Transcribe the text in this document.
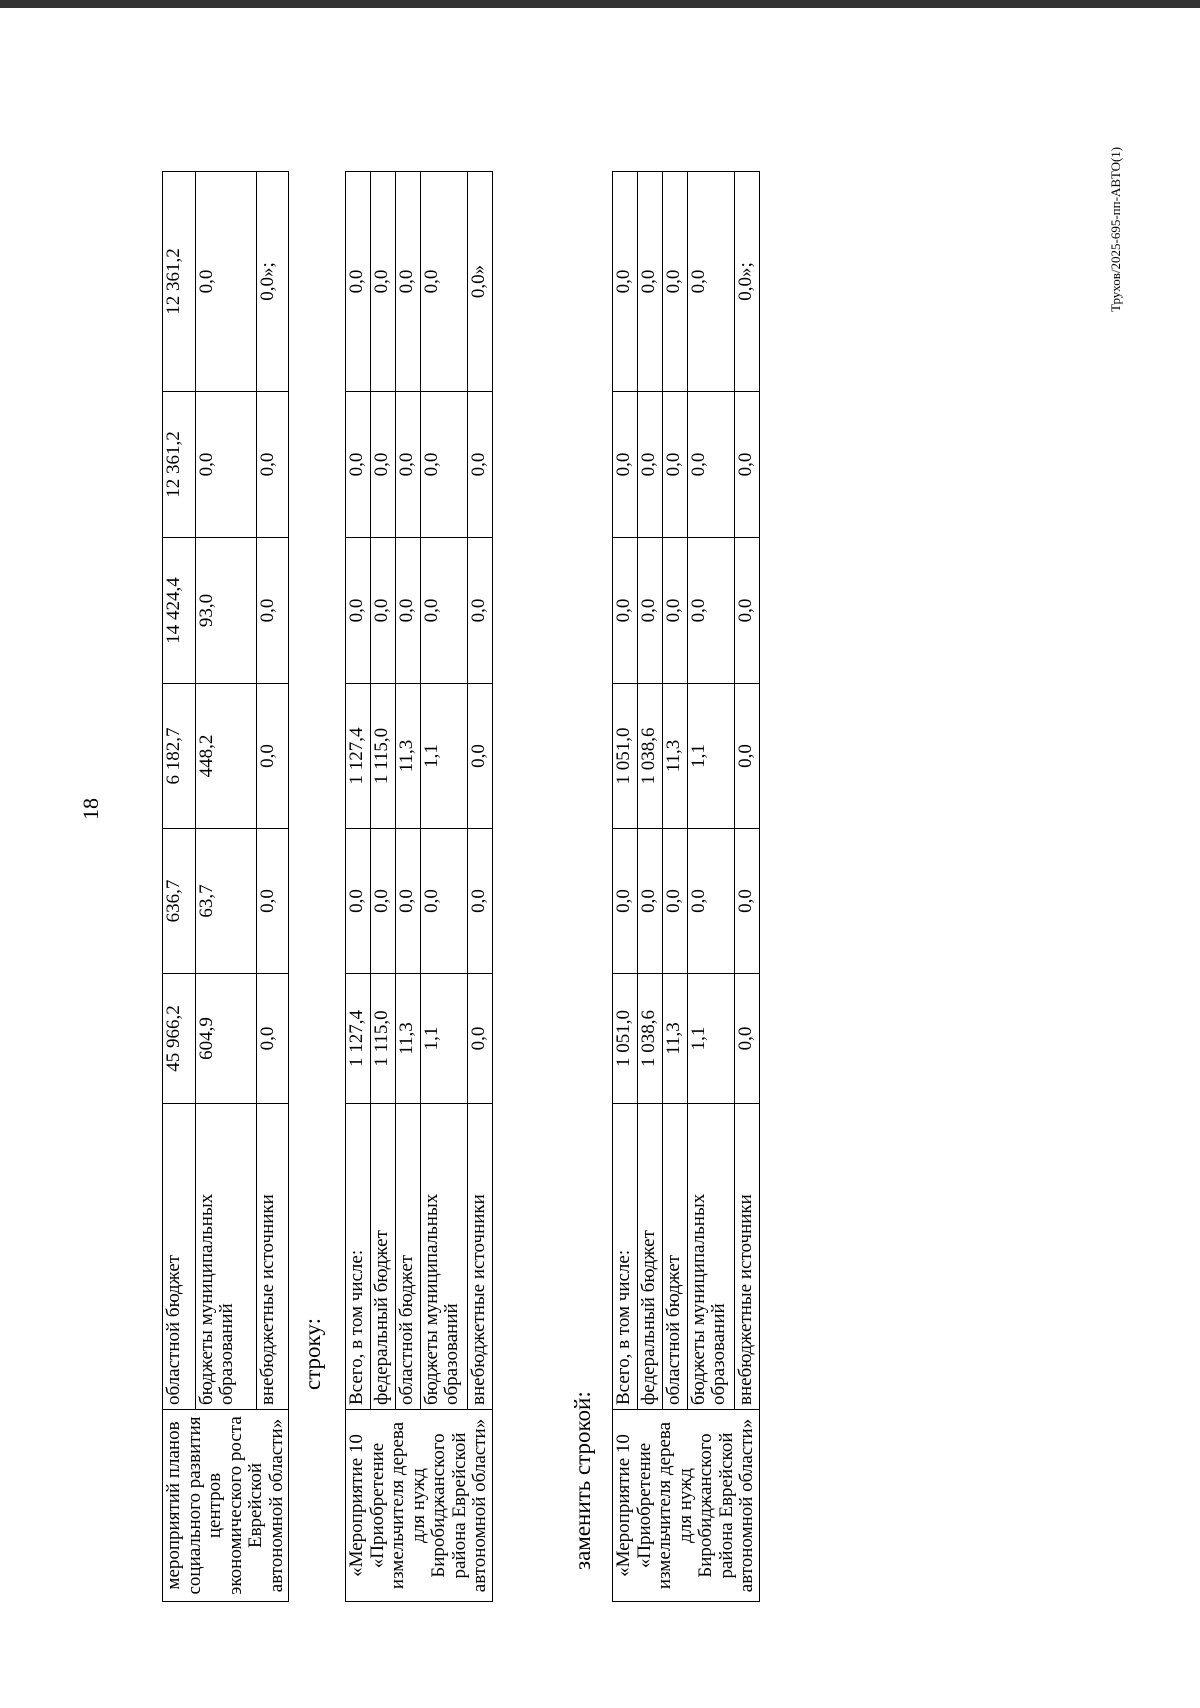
18
мероприятий планов социального развития центров экономического роста Еврейской автономной области»	областной бюджет	45 966,2	636,7	6 182,7	14 424,4	12 361,2	12 361,2
	бюджеты муниципальных образований	604,9	63,7	448,2	93,0	0,0	0,0
	внебюджетные источники	0,0	0,0	0,0	0,0	0,0	0,0»;
строку:
«Мероприятие 10 «Приобретение измельчителя дерева для нужд Биробиджанского района Еврейской автономной области»	Всего, в том числе:	1 127,4	0,0	1 127,4	0,0	0,0	0,0
	федеральный бюджет	1 115,0	0,0	1 115,0	0,0	0,0	0,0
	областной бюджет	11,3	0,0	11,3	0,0	0,0	0,0
	бюджеты муниципальных образований	1,1	0,0	1,1	0,0	0,0	0,0
	внебюджетные источники	0,0	0,0	0,0	0,0	0,0	0,0»
заменить строкой: «Мероприятие 10 «Приобретение измельчителя дерева для нужд Биробиджанского района Еврейской автономной области»	Всего, в том числе:	1 051,0	0,0	1 051,0	0,0	0,0	0,0
	федеральный бюджет	1 038,6	0,0	1 038,6	0,0	0,0	0,0
	областной бюджет	11,3	0,0	11,3	0,0	0,0	0,0
	бюджеты муниципальных образований	1,1	0,0	1,1	0,0	0,0	0,0
	внебюджетные источники	0,0	0,0	0,0	0,0	0,0	0,0»;	Трухов/2025-695-пп-АВТО(1)
